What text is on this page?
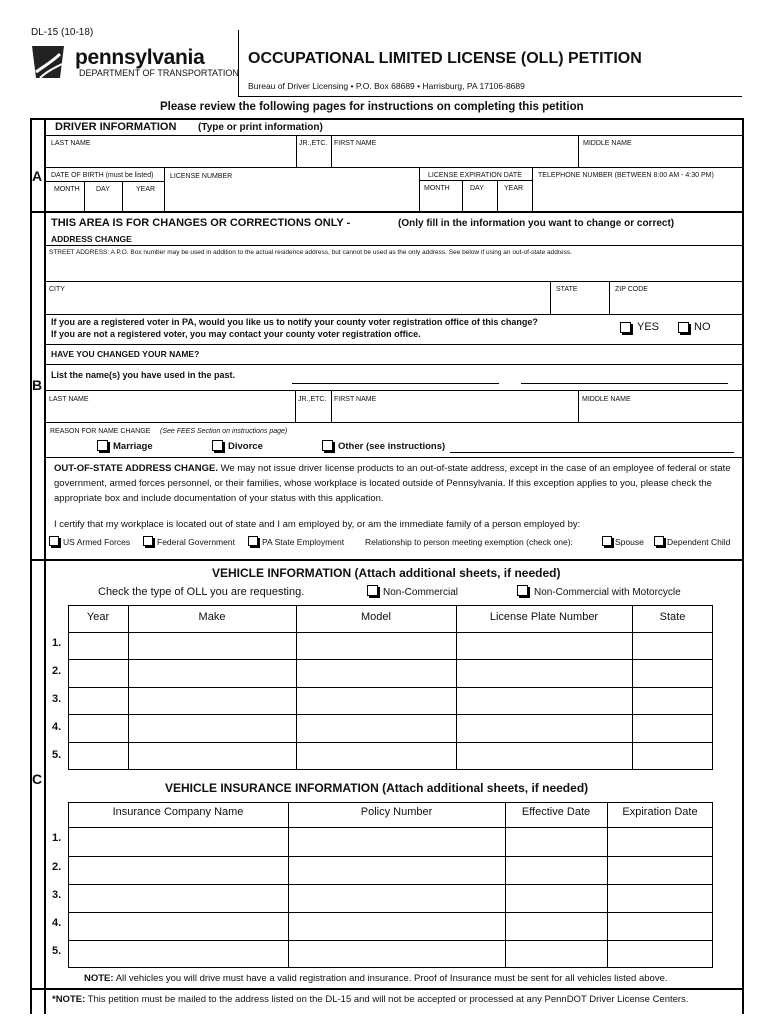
DL-15 (10-18)
pennsylvania
DEPARTMENT OF TRANSPORTATION
OCCUPATIONAL LIMITED LICENSE (OLL) PETITION
Bureau of Driver Licensing • P.O. Box 68689 • Harrisburg, PA 17106-8689
Please review the following pages for instructions on completing this petition
A
DRIVER INFORMATION (Type or print information)
LAST NAME	JR.,ETC. FIRST NAME	MIDDLE NAME
DATE OF BIRTH (must be listed)
MONTH DAY	YEAR
LICENSE NUMBER	LICENSE EXPIRATION DATE
MONTH	DAY	YEAR
TELEPHONE NUMBER (BETWEEN 8:00 AM - 4:30 PM)
B
THIS AREA IS FOR CHANGES OR CORRECTIONS ONLY -	(Only fill in the information you want to change or correct)
ADDRESS CHANGE
STREET ADDRESS: A P.O. Box number may be used in addition to the actual residence address, but cannot be used as the only address. See below if using an out-of-state address.
CITY	STATE	ZIP CODE
If you are a registered voter in PA, would you like us to notify your county voter registration office of this change?
If you are not a registered voter, you may contact your county voter registration office.
YES	NO
HAVE YOU CHANGED YOUR NAME?
List the name(s) you have used in the past.
LAST NAME	JR.,ETC. FIRST NAME	MIDDLE NAME
REASON FOR NAME CHANGE (See FEES Section on instructions page)
Marriage	Divorce	Other (see instructions)
OUT-OF-STATE ADDRESS CHANGE. We may not issue driver license products to an out-of-state address, except in the case of an employee of federal or state government, armed forces personnel, or their families, whose workplace is located outside of Pennsylvania. If this exception applies to you, please check the appropriate box and include documentation of your status with this application.
I certify that my workplace is located out of state and I am employed by, or am the immediate family of a person employed by:
US Armed Forces	Federal Government	PA State Employment Relationship to person meeting exemption (check one):	Spouse	Dependent Child
C
VEHICLE INFORMATION (Attach additional sheets, if needed)
Check the type of OLL you are requesting.	Non-Commercial	Non-Commercial with Motorcycle
Year	Make	Model	License Plate Number	State
1.
2.
3.
4.
5.
VEHICLE INSURANCE INFORMATION (Attach additional sheets, if needed)
Insurance Company Name	Policy Number	Effective Date	Expiration Date
1.
2.
3.
4.
5.
NOTE: All vehicles you will drive must have a valid registration and insurance. Proof of Insurance must be sent for all vehicles listed above.
*NOTE: This petition must be mailed to the address listed on the DL-15 and will not be accepted or processed at any PennDOT Driver License Centers.
